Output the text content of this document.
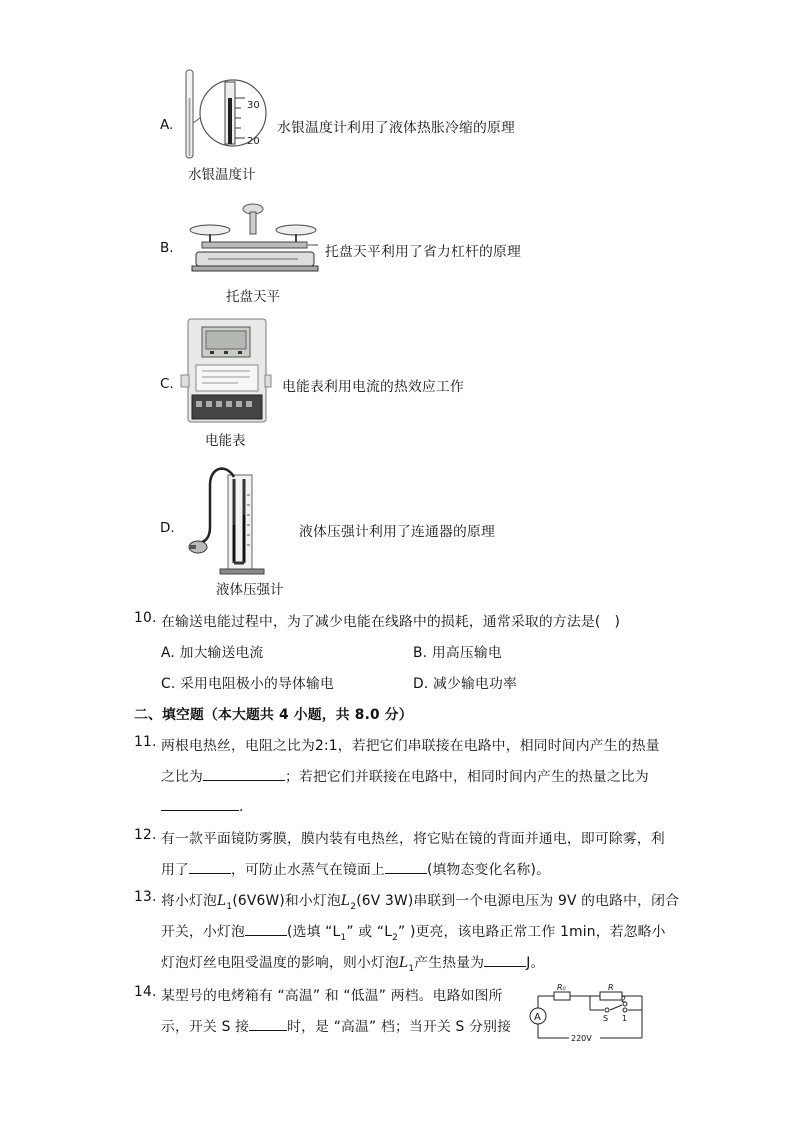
A.
30
20
水银温度计
水银温度计利用了液体热胀冷缩的原理
B.
托盘天平
托盘天平利用了省力杠杆的原理
C.
电能表
电能表利用电流的热效应工作
D.
液体压强计
液体压强计利用了连通器的原理
10. 在输送电能过程中，为了减少电能在线路中的损耗，通常采取的方法是(　)
A. 加大输送电流	B. 用高压输电
C. 采用电阻极小的导体输电	D. 减少输电功率
二、填空题（本大题共 4 小题，共 8.0 分）
11. 两根电热丝，电阻之比为2:1，若把它们串联接在电路中，相同时间内产生的热量
之比为	；若把它们并联接在电路中，相同时间内产生的热量之比为
.
12. 有一款平面镜防雾膜，膜内装有电热丝，将它贴在镜的背面并通电，即可除雾，利
用了	，可防止水蒸气在镜面上	(填物态变化名称)。
13. 将小灯泡$L_1(6V6W)$和小灯泡$L_2(6V$ 3W)串联到一个电源电压为 9V 的电路中，闭合
开关，小灯泡	(选填 “$L_1$” 或 “$L_2$” )更亮，该电路正常工作 1min，若忽略小
灯泡灯丝电阻受温度的影响，则小灯泡$L_1$产生热量为	J。
14. 某型号的电烤箱有 “高温” 和 “低温” 两档。电路如图所
示，开关 S 接	时，是 “高温” 档；当开关 S 分别接
A
R₀	R
S
2
1
220V
